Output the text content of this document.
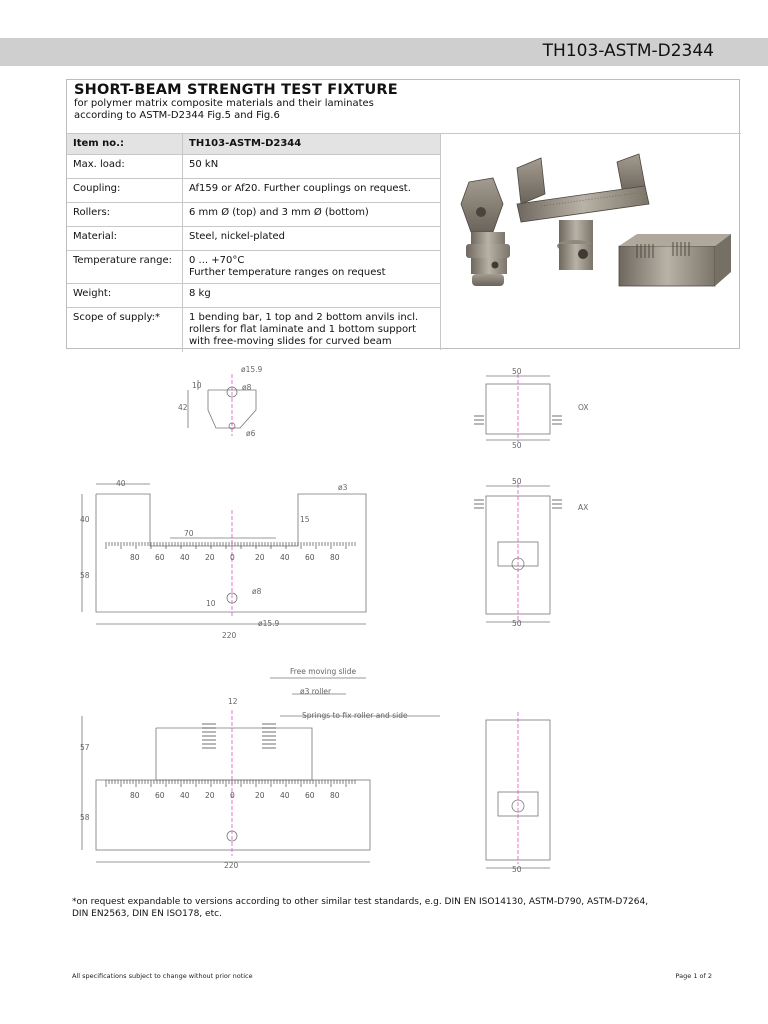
TH103-ASTM-D2344
SHORT-BEAM STRENGTH TEST FIXTURE
for polymer matrix composite materials and their laminates
according to ASTM-D2344 Fig.5 and Fig.6
Item no.:	TH103-ASTM-D2344
Max. load:	50 kN
Coupling:	Af159 or Af20. Further couplings on request.
Rollers:	6 mm Ø (top) and 3 mm Ø (bottom)
Material:	Steel, nickel-plated
Temperature range:	0 ... +70°C
Further temperature ranges on request

Weight:	8 kg
Scope of supply:*	1 bending bar, 1 top and 2 bottom anvils incl. rollers for flat laminate and 1 bottom support with free-moving slides for curved beam
ø15.9
ø8
ø6
10
42
40	ø3
40	15
70
58
10
ø8
ø15.9
220
Free moving slide
ø3 roller
Springs to fix roller and side
12
57
58
220
50
50
OX
50
AX
50
50
80 60 40 20 0	20 40 60 80
80 60 40 20 0	20 40 60 80
*on request expandable to versions according to other similar test standards, e.g. DIN EN ISO14130, ASTM-D790, ASTM-D7264,
DIN EN2563, DIN EN ISO178, etc.
All specifications subject to change without prior notice	Page 1 of 2
